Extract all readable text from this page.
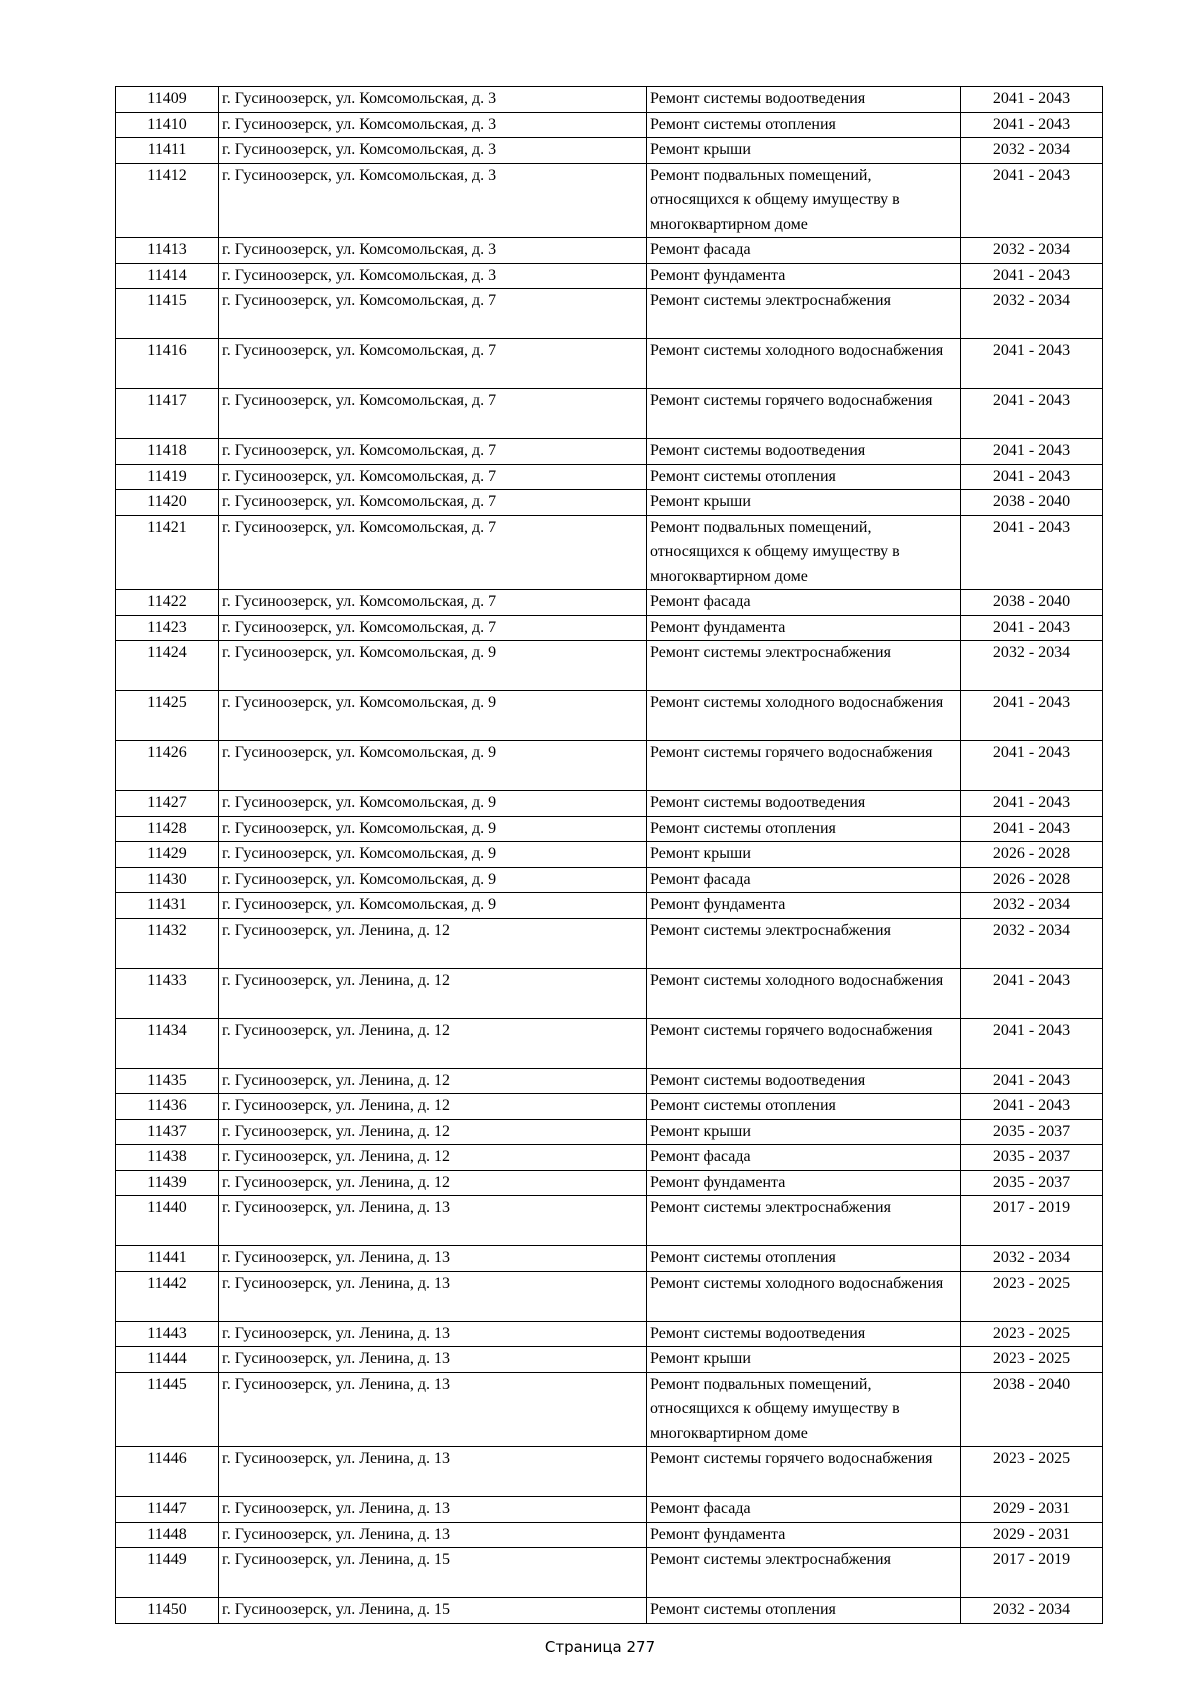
11409	г. Гусиноозерск, ул. Комсомольская, д. 3	Ремонт системы водоотведения	2041 - 2043
11410	г. Гусиноозерск, ул. Комсомольская, д. 3	Ремонт системы отопления	2041 - 2043
11411	г. Гусиноозерск, ул. Комсомольская, д. 3	Ремонт крыши	2032 - 2034
11412	г. Гусиноозерск, ул. Комсомольская, д. 3	Ремонт подвальных помещений, относящихся к общему имуществу в многоквартирном доме	2041 - 2043
11413	г. Гусиноозерск, ул. Комсомольская, д. 3	Ремонт фасада	2032 - 2034
11414	г. Гусиноозерск, ул. Комсомольская, д. 3	Ремонт фундамента	2041 - 2043
11415	г. Гусиноозерск, ул. Комсомольская, д. 7	Ремонт системы электроснабжения	2032 - 2034
11416	г. Гусиноозерск, ул. Комсомольская, д. 7	Ремонт системы холодного водоснабжения	2041 - 2043
11417	г. Гусиноозерск, ул. Комсомольская, д. 7	Ремонт системы горячего водоснабжения	2041 - 2043
11418	г. Гусиноозерск, ул. Комсомольская, д. 7	Ремонт системы водоотведения	2041 - 2043
11419	г. Гусиноозерск, ул. Комсомольская, д. 7	Ремонт системы отопления	2041 - 2043
11420	г. Гусиноозерск, ул. Комсомольская, д. 7	Ремонт крыши	2038 - 2040
11421	г. Гусиноозерск, ул. Комсомольская, д. 7	Ремонт подвальных помещений, относящихся к общему имуществу в многоквартирном доме	2041 - 2043
11422	г. Гусиноозерск, ул. Комсомольская, д. 7	Ремонт фасада	2038 - 2040
11423	г. Гусиноозерск, ул. Комсомольская, д. 7	Ремонт фундамента	2041 - 2043
11424	г. Гусиноозерск, ул. Комсомольская, д. 9	Ремонт системы электроснабжения	2032 - 2034
11425	г. Гусиноозерск, ул. Комсомольская, д. 9	Ремонт системы холодного водоснабжения	2041 - 2043
11426	г. Гусиноозерск, ул. Комсомольская, д. 9	Ремонт системы горячего водоснабжения	2041 - 2043
11427	г. Гусиноозерск, ул. Комсомольская, д. 9	Ремонт системы водоотведения	2041 - 2043
11428	г. Гусиноозерск, ул. Комсомольская, д. 9	Ремонт системы отопления	2041 - 2043
11429	г. Гусиноозерск, ул. Комсомольская, д. 9	Ремонт крыши	2026 - 2028
11430	г. Гусиноозерск, ул. Комсомольская, д. 9	Ремонт фасада	2026 - 2028
11431	г. Гусиноозерск, ул. Комсомольская, д. 9	Ремонт фундамента	2032 - 2034
11432	г. Гусиноозерск, ул. Ленина, д. 12	Ремонт системы электроснабжения	2032 - 2034
11433	г. Гусиноозерск, ул. Ленина, д. 12	Ремонт системы холодного водоснабжения	2041 - 2043
11434	г. Гусиноозерск, ул. Ленина, д. 12	Ремонт системы горячего водоснабжения	2041 - 2043
11435	г. Гусиноозерск, ул. Ленина, д. 12	Ремонт системы водоотведения	2041 - 2043
11436	г. Гусиноозерск, ул. Ленина, д. 12	Ремонт системы отопления	2041 - 2043
11437	г. Гусиноозерск, ул. Ленина, д. 12	Ремонт крыши	2035 - 2037
11438	г. Гусиноозерск, ул. Ленина, д. 12	Ремонт фасада	2035 - 2037
11439	г. Гусиноозерск, ул. Ленина, д. 12	Ремонт фундамента	2035 - 2037
11440	г. Гусиноозерск, ул. Ленина, д. 13	Ремонт системы электроснабжения	2017 - 2019
11441	г. Гусиноозерск, ул. Ленина, д. 13	Ремонт системы отопления	2032 - 2034
11442	г. Гусиноозерск, ул. Ленина, д. 13	Ремонт системы холодного водоснабжения	2023 - 2025
11443	г. Гусиноозерск, ул. Ленина, д. 13	Ремонт системы водоотведения	2023 - 2025
11444	г. Гусиноозерск, ул. Ленина, д. 13	Ремонт крыши	2023 - 2025
11445	г. Гусиноозерск, ул. Ленина, д. 13	Ремонт подвальных помещений, относящихся к общему имуществу в многоквартирном доме	2038 - 2040
11446	г. Гусиноозерск, ул. Ленина, д. 13	Ремонт системы горячего водоснабжения	2023 - 2025
11447	г. Гусиноозерск, ул. Ленина, д. 13	Ремонт фасада	2029 - 2031
11448	г. Гусиноозерск, ул. Ленина, д. 13	Ремонт фундамента	2029 - 2031
11449	г. Гусиноозерск, ул. Ленина, д. 15	Ремонт системы электроснабжения	2017 - 2019
11450	г. Гусиноозерск, ул. Ленина, д. 15	Ремонт системы отопления	2032 - 2034
Страница 277
